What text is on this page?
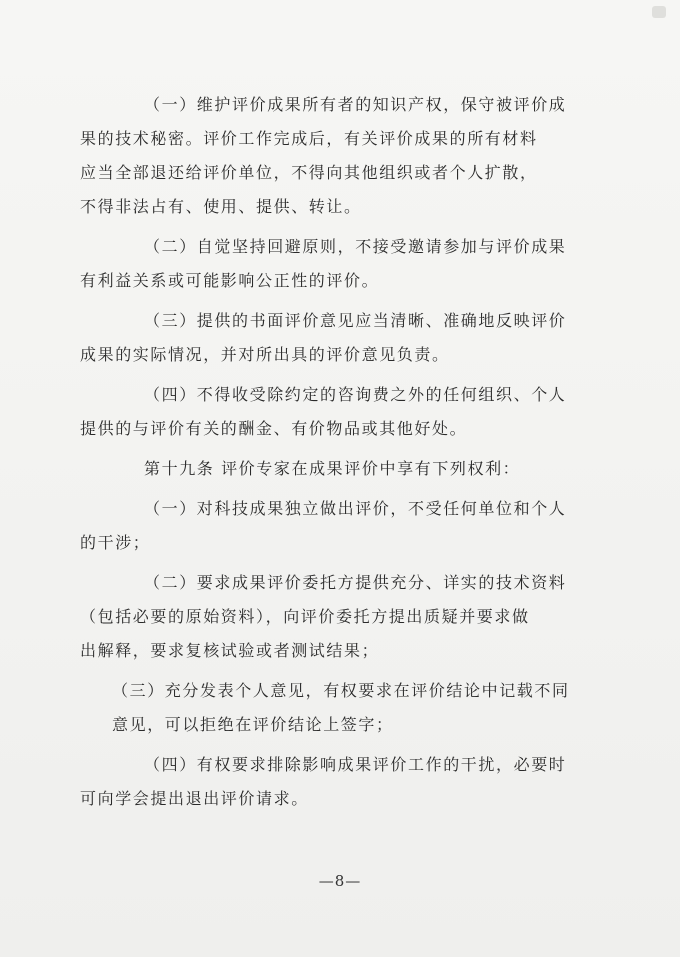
（一）维护评价成果所有者的知识产权，保守被评价成
果的技术秘密。评价工作完成后，有关评价成果的所有材料
应当全部退还给评价单位，不得向其他组织或者个人扩散，
不得非法占有、使用、提供、转让。

（二）自觉坚持回避原则，不接受邀请参加与评价成果
有利益关系或可能影响公正性的评价。

（三）提供的书面评价意见应当清晰、准确地反映评价
成果的实际情况，并对所出具的评价意见负责。

（四）不得收受除约定的咨询费之外的任何组织、个人
提供的与评价有关的酬金、有价物品或其他好处。

第十九条 评价专家在成果评价中享有下列权利：

（一）对科技成果独立做出评价，不受任何单位和个人
的干涉；

（二）要求成果评价委托方提供充分、详实的技术资料
（包括必要的原始资料），向评价委托方提出质疑并要求做
出解释，要求复核试验或者测试结果；

（三）充分发表个人意见，有权要求在评价结论中记载不同
意见，可以拒绝在评价结论上签字；

（四）有权要求排除影响成果评价工作的干扰，必要时
可向学会提出退出评价请求。

—8—
